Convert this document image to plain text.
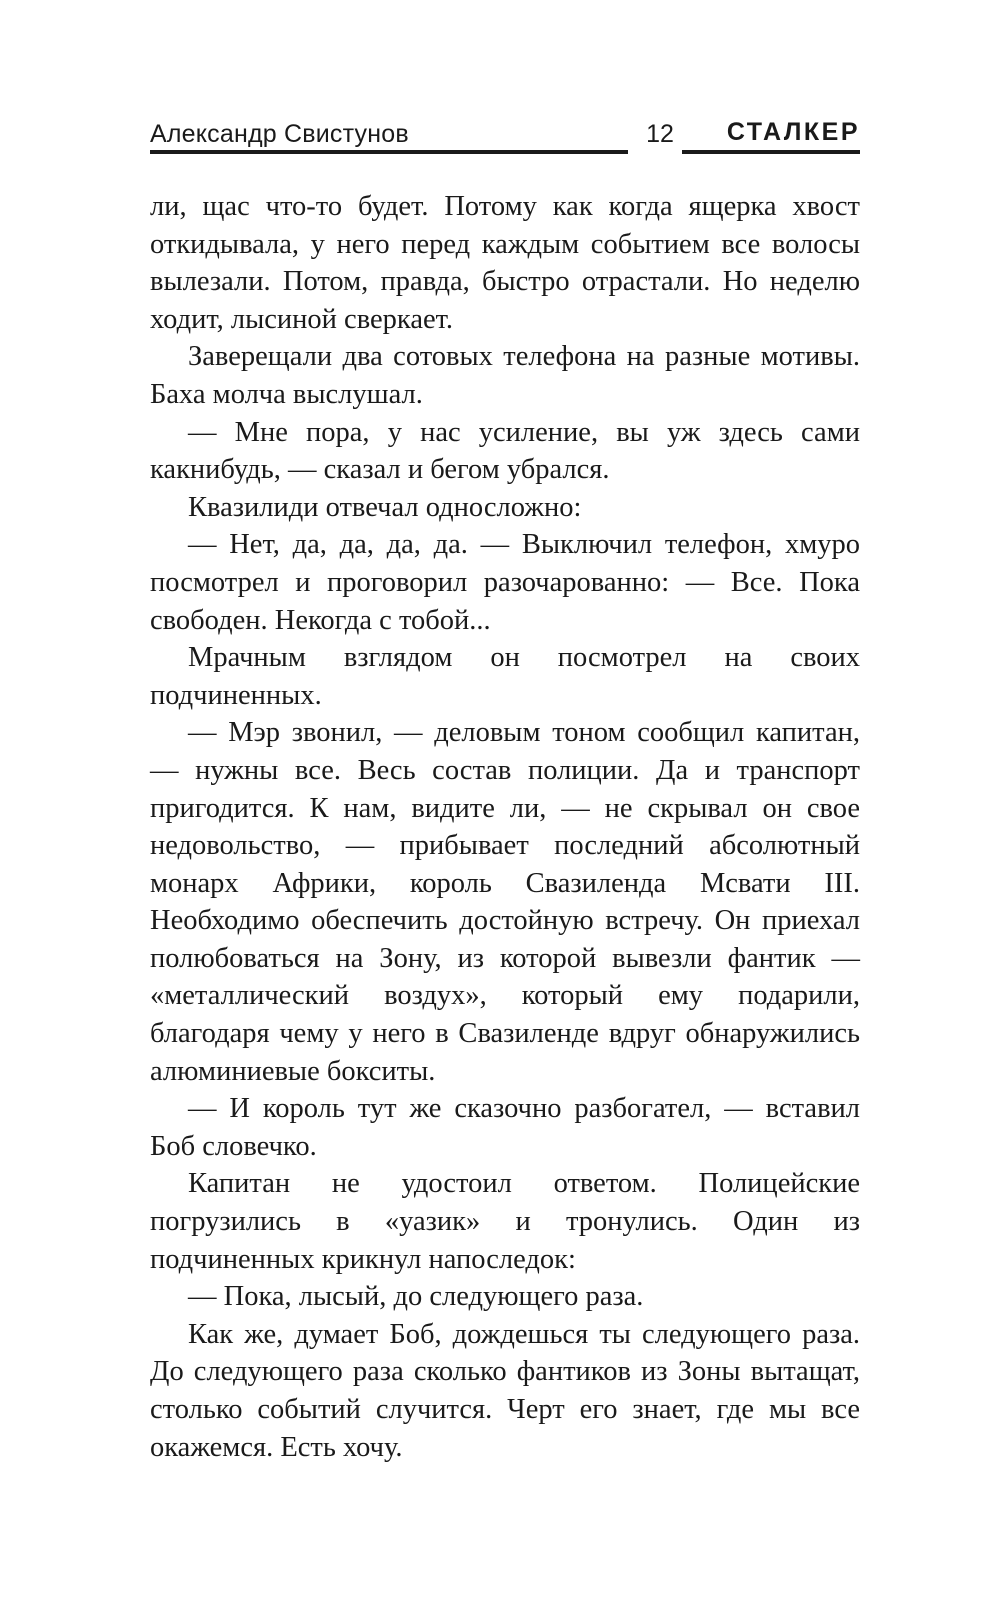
Александр Свистунов	12 СТАЛКЕР

ли, щас что-то будет. Потому как когда ящерка хвост откидывала, у него перед каждым событием все волосы вылезали. Потом, правда, быстро отрастали. Но неделю ходит, лысиной сверкает.

Заверещали два сотовых телефона на разные мотивы. Баха молча выслушал.

— Мне пора, у нас усиление, вы уж здесь сами какнибудь, — сказал и бегом убрался.

Квазилиди отвечал односложно:

— Нет, да, да, да, да. — Выключил телефон, хмуро посмотрел и проговорил разочарованно: — Все. Пока свободен. Некогда с тобой...

Мрачным взглядом он посмотрел на своих подчиненных.

— Мэр звонил, — деловым тоном сообщил капитан, — нужны все. Весь состав полиции. Да и транспорт пригодится. К нам, видите ли, — не скрывал он свое недовольство, — прибывает последний абсолютный монарх Африки, король Свазиленда Мсвати III. Необходимо обеспечить достойную встречу. Он приехал полюбоваться на Зону, из которой вывезли фантик — «металлический воздух», который ему подарили, благодаря чему у него в Свазиленде вдруг обнаружились алюминиевые бокситы.

— И король тут же сказочно разбогател, — вставил Боб словечко.

Капитан не удостоил ответом. Полицейские погрузились в «уазик» и тронулись. Один из подчиненных крикнул напоследок:

— Пока, лысый, до следующего раза.

Как же, думает Боб, дождешься ты следующего раза. До следующего раза сколько фантиков из Зоны вытащат, столько событий случится. Черт его знает, где мы все окажемся. Есть хочу.
